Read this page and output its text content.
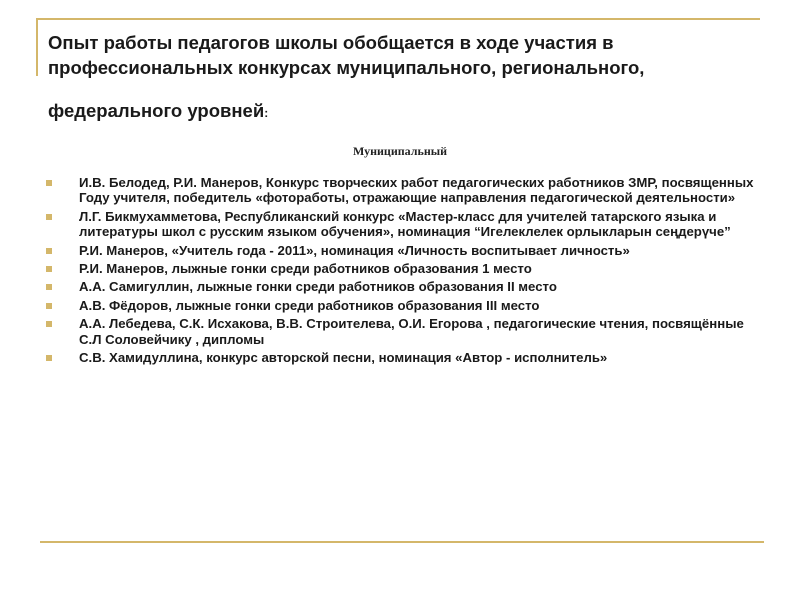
Опыт работы педагогов школы обобщается в ходе участия в
профессиональных конкурсах муниципального, регионального,
федерального уровней:
Муниципальный
И.В. Белодед, Р.И. Манеров, Конкурс творческих работ педагогических работников ЗМР, посвященных Году учителя, победитель «фоторaботы, отражающие направления педагогической деятельности»
Л.Г. Бикмухамметова, Республиканский конкурс «Мастер-класс для учителей татарского языка и литературы школ с русским языком обучения», номинация “Игелеклелек орлыкларын сеңдерүче”
Р.И. Манеров, «Учитель года - 2011», номинация «Личность воспитывает личность»
Р.И. Манеров, лыжные гонки среди работников образования 1 место
А.А. Самигуллин, лыжные гонки среди работников образования II место
А.В. Фёдоров, лыжные гонки среди работников образования III место
А.А. Лебедева, С.К. Исхакова, В.В. Строителева, О.И. Егорова , педагогические чтения, посвящённые С.Л Соловейчику , дипломы
С.В. Хамидуллина, конкурс авторской песни, номинация «Автор - исполнитель»
